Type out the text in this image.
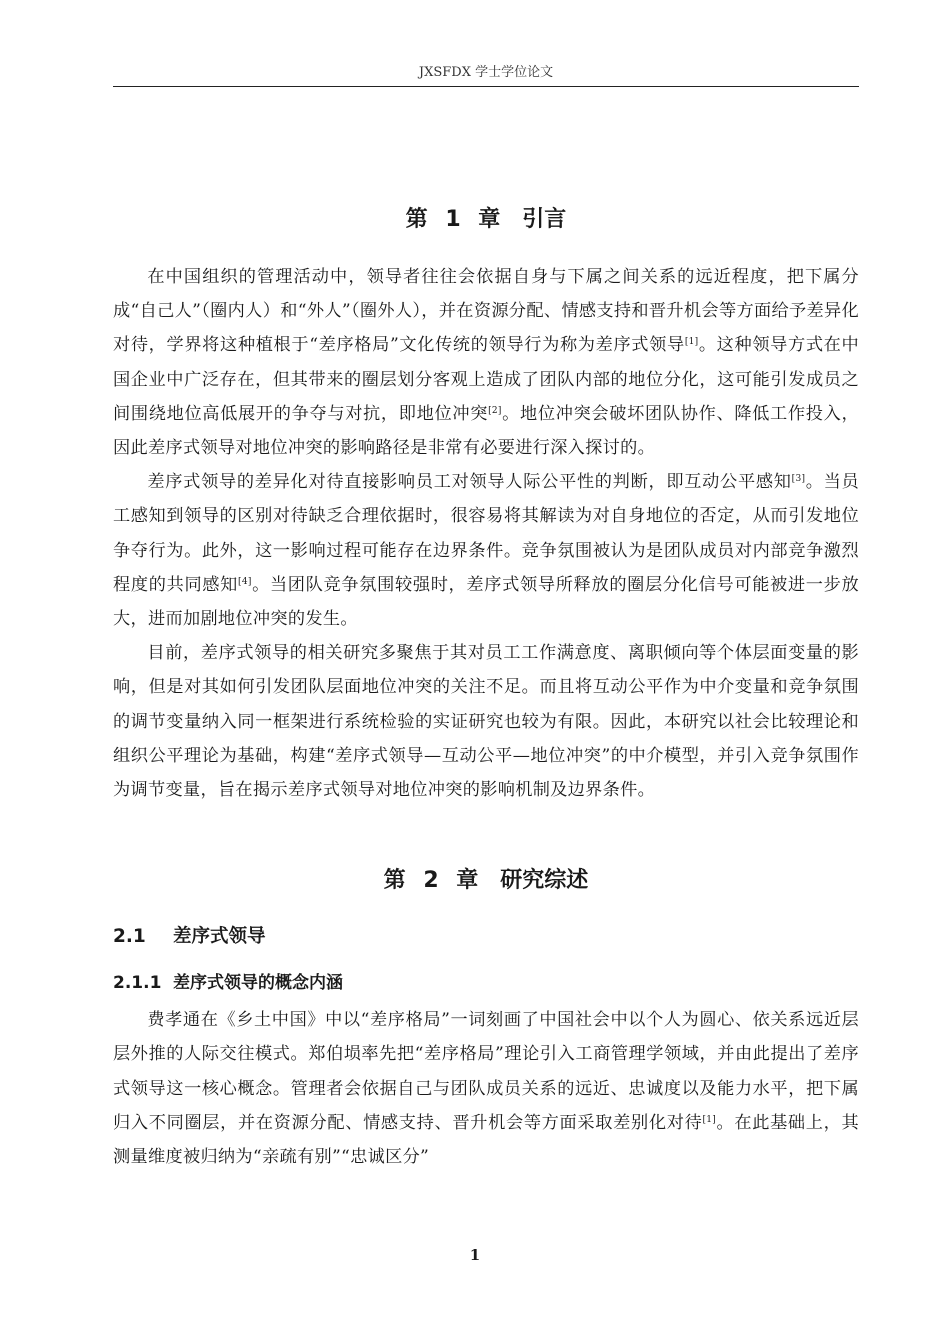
JXSFDX 学士学位论文
第 1 章　引言

在中国组织的管理活动中，领导者往往会依据自身与下属之间关系的远近程度，把下属分成“自己人”（圈内人）和“外人”（圈外人），并在资源分配、情感支持和晋升机会等方面给予差异化对待，学界将这种植根于“差序格局”文化传统的领导行为称为差序式领导[1]。这种领导方式在中国企业中广泛存在，但其带来的圈层划分客观上造成了团队内部的地位分化，这可能引发成员之间围绕地位高低展开的争夺与对抗，即地位冲突[2]。地位冲突会破坏团队协作、降低工作投入，因此差序式领导对地位冲突的影响路径是非常有必要进行深入探讨的。

差序式领导的差异化对待直接影响员工对领导人际公平性的判断，即互动公平感知[3]。当员工感知到领导的区别对待缺乏合理依据时，很容易将其解读为对自身地位的否定，从而引发地位争夺行为。此外，这一影响过程可能存在边界条件。竞争氛围被认为是团队成员对内部竞争激烈程度的共同感知[4]。当团队竞争氛围较强时，差序式领导所释放的圈层分化信号可能被进一步放大，进而加剧地位冲突的发生。

目前，差序式领导的相关研究多聚焦于其对员工工作满意度、离职倾向等个体层面变量的影响，但是对其如何引发团队层面地位冲突的关注不足。而且将互动公平作为中介变量和竞争氛围的调节变量纳入同一框架进行系统检验的实证研究也较为有限。因此，本研究以社会比较理论和组织公平理论为基础，构建“差序式领导—互动公平—地位冲突”的中介模型，并引入竞争氛围作为调节变量，旨在揭示差序式领导对地位冲突的影响机制及边界条件。

第 2 章　研究综述
2.1 差序式领导
2.1.1 差序式领导的概念内涵

费孝通在《乡土中国》中以“差序格局”一词刻画了中国社会中以个人为圆心、依关系远近层层外推的人际交往模式。郑伯埙率先把“差序格局”理论引入工商管理学领域，并由此提出了差序式领导这一核心概念。管理者会依据自己与团队成员关系的远近、忠诚度以及能力水平，把下属归入不同圈层，并在资源分配、情感支持、晋升机会等方面采取差别化对待[1]。在此基础上，其测量维度被归纳为“亲疏有别”“忠诚区分”

1
